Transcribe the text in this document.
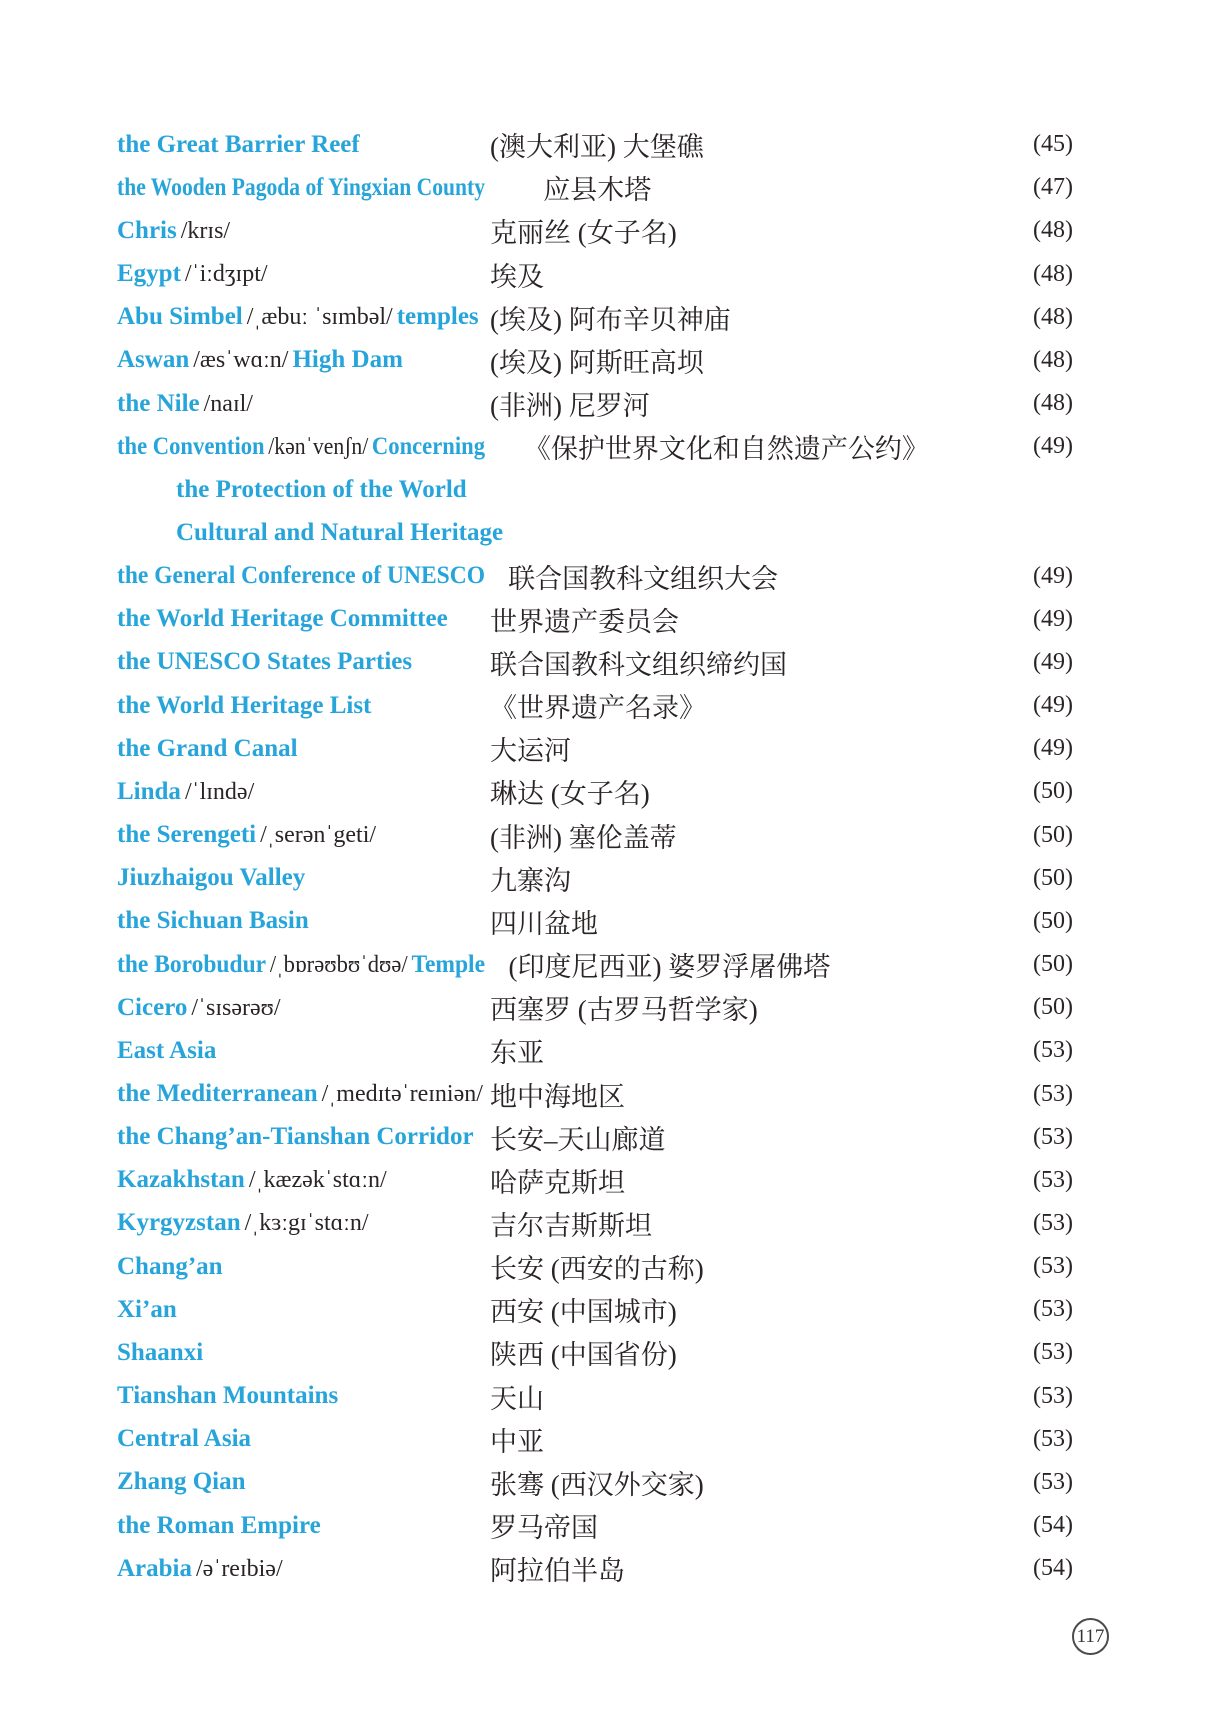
the Great Barrier Reef	(澳大利亚) 大堡礁	(45)
the Wooden Pagoda of Yingxian County	应县木塔	(47)
Chris /krɪs/	克丽丝 (女子名)	(48)
Egypt /ˈiːdʒɪpt/	埃及	(48)
Abu Simbel /ˌæbuː ˈsɪmbəl/ temples (埃及) 阿布辛贝神庙	(48)
Aswan /æsˈwɑːn/ High Dam	(埃及) 阿斯旺高坝	(48)
the Nile /naɪl/	(非洲) 尼罗河	(48)
the Convention /kənˈvenʃn/ Concerning	《保护世界文化和自然遗产公约》	(49)
the Protection of the World
Cultural and Natural Heritage
the General Conference of UNESCO 联合国教科文组织大会	(49)
the World Heritage Committee	世界遗产委员会	(49)
the UNESCO States Parties	联合国教科文组织缔约国	(49)
the World Heritage List	《世界遗产名录》	(49)
the Grand Canal	大运河	(49)
Linda /ˈlɪndə/	琳达 (女子名)	(50)
the Serengeti /ˌserənˈgeti/	(非洲) 塞伦盖蒂	(50)
Jiuzhaigou Valley	九寨沟	(50)
the Sichuan Basin	四川盆地	(50)
the Borobudur /ˌbɒrəʊbʊˈdʊə/ Temple (印度尼西亚) 婆罗浮屠佛塔	(50)
Cicero /ˈsɪsərəʊ/	西塞罗 (古罗马哲学家)	(50)
East Asia	东亚	(53)
the Mediterranean /ˌmedɪtəˈreɪniən/ 地中海地区	(53)
the Chang’an-Tianshan Corridor 长安–天山廊道	(53)
Kazakhstan /ˌkæzəkˈstɑːn/	哈萨克斯坦	(53)
Kyrgyzstan /ˌkɜːgɪˈstɑːn/	吉尔吉斯斯坦	(53)
Chang’an	长安 (西安的古称)	(53)
Xi’an	西安 (中国城市)	(53)
Shaanxi	陕西 (中国省份)	(53)
Tianshan Mountains	天山	(53)
Central Asia	中亚	(53)
Zhang Qian	张骞 (西汉外交家)	(53)
the Roman Empire	罗马帝国	(54)
Arabia /əˈreɪbiə/	阿拉伯半岛	(54)
117
